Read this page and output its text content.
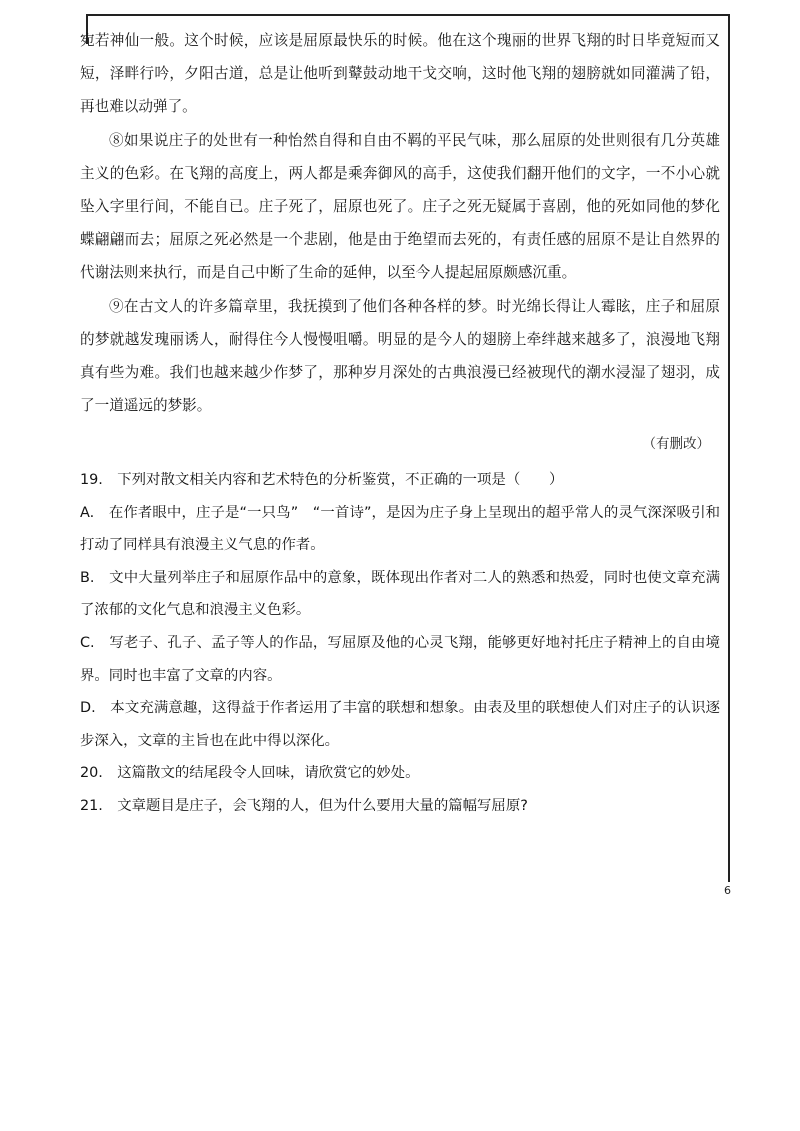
宛若神仙一般。这个时候，应该是屈原最快乐的时候。他在这个瑰丽的世界飞翔的时日毕竟短而又短，泽畔行吟，夕阳古道，总是让他听到鼙鼓动地干戈交响，这时他飞翔的翅膀就如同灌满了铅，再也难以动弹了。

⑧如果说庄子的处世有一种怡然自得和自由不羁的平民气味，那么屈原的处世则很有几分英雄主义的色彩。在飞翔的高度上，两人都是乘奔御风的高手，这使我们翻开他们的文字，一不小心就坠入字里行间，不能自已。庄子死了，屈原也死了。庄子之死无疑属于喜剧，他的死如同他的梦化蝶翩翩而去；屈原之死必然是一个悲剧，他是由于绝望而去死的，有责任感的屈原不是让自然界的代谢法则来执行，而是自己中断了生命的延伸，以至今人提起屈原颇感沉重。

⑨在古文人的许多篇章里，我抚摸到了他们各种各样的梦。时光绵长得让人霉眩，庄子和屈原的梦就越发瑰丽诱人，耐得住今人慢慢咀嚼。明显的是今人的翅膀上牵绊越来越多了，浪漫地飞翔真有些为难。我们也越来越少作梦了，那种岁月深处的古典浪漫已经被现代的潮水浸湿了翅羽，成了一道遥远的梦影。

（有删改）

19.　下列对散文相关内容和艺术特色的分析鉴赏，不正确的一项是（　　）

A.　在作者眼中，庄子是“一只鸟”　“一首诗”，是因为庄子身上呈现出的超乎常人的灵气深深吸引和打动了同样具有浪漫主义气息的作者。

B.　文中大量列举庄子和屈原作品中的意象，既体现出作者对二人的熟悉和热爱，同时也使文章充满了浓郁的文化气息和浪漫主义色彩。

C.　写老子、孔子、孟子等人的作品，写屈原及他的心灵飞翔，能够更好地衬托庄子精神上的自由境界。同时也丰富了文章的内容。

D.　本文充满意趣，这得益于作者运用了丰富的联想和想象。由表及里的联想使人们对庄子的认识逐步深入，文章的主旨也在此中得以深化。

20.　这篇散文的结尾段令人回味，请欣赏它的妙处。

21.　文章题目是庄子，会飞翔的人，但为什么要用大量的篇幅写屈原?

6
